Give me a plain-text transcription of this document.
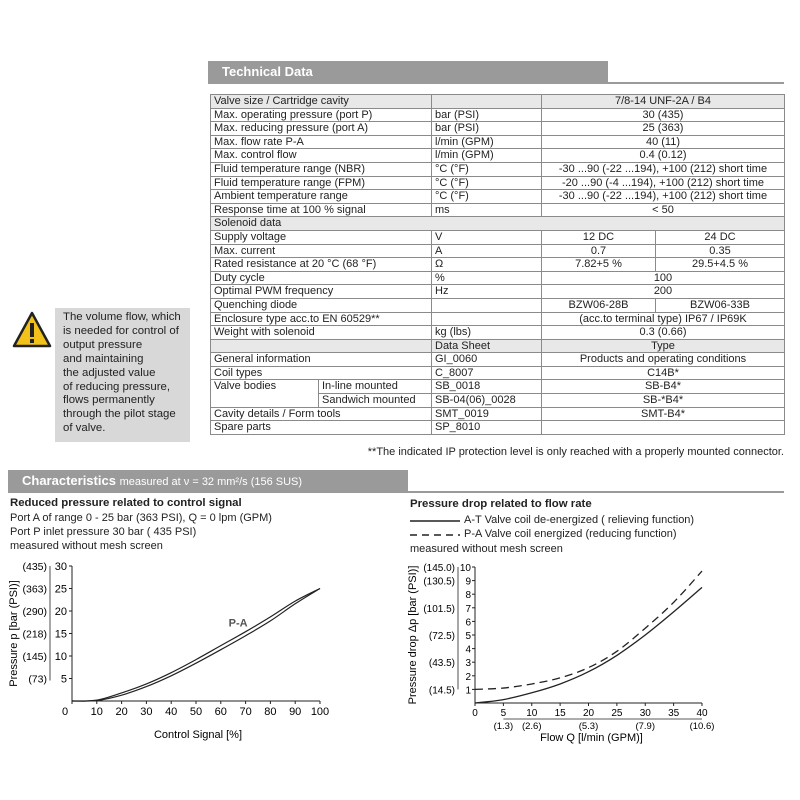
Technical Data
Valve size / Cartridge cavity			7/8-14 UNF-2A / B4	
Max. operating pressure (port P)		bar (PSI)	30 (435)	
Max. reducing pressure (port A)		bar (PSI)	25 (363)	
Max. flow rate P-A		l/min (GPM)	40 (11)	
Max. control flow		l/min (GPM)	0.4 (0.12)	
Fluid temperature range (NBR)		°C (°F)	-30 ...90 (-22 ...194), +100 (212) short time	
Fluid temperature range (FPM)		°C (°F)	-20 ...90 (-4 ...194), +100 (212) short time	
Ambient temperature range		°C (°F)	-30 ...90 (-22 ...194), +100 (212) short time	
Response time at 100 % signal		ms	< 50	
Solenoid data				
Supply voltage		V	12 DC	24 DC
Max. current		A	0.7	0.35
Rated resistance at 20 °C (68 °F)		Ω	7.82+5 %	29.5+4.5 %
Duty cycle		%	100	
Optimal PWM frequency		Hz	200	
Quenching diode			BZW06-28B	BZW06-33B
Enclosure type acc.to EN 60529**			(acc.to terminal type) IP67 / IP69K	
Weight with solenoid		kg (lbs)	0.3 (0.66)	
		Data Sheet	Type	
General information		GI_0060	Products and operating conditions	
Coil types		C_8007	C14B*	
Valve bodies	In-line mounted	SB_0018	SB-B4*	
	Sandwich mounted	SB-04(06)_0028	SB-*B4*	
Cavity details / Form tools		SMT_0019	SMT-B4*	
Spare parts		SP_8010		
**The indicated IP protection level is only reached with a properly mounted connector.
The volume flow, which
is needed for control of
output pressure
and maintaining
the adjusted value
of reducing pressure,
flows permanently
through the pilot stage
of valve.
Characteristics measured at ν = 32 mm²/s (156 SUS)
Reduced pressure related to control signal
Port A of range 0 - 25 bar (363 PSI), Q = 0 lpm (GPM)
Port P inlet pressure 30 bar ( 435 PSI)
measured without mesh screen
Pressure drop related to flow rate
A-T Valve coil de-energized ( relieving function)
P-A Valve coil energized (reducing function)
measured without mesh screen
0 10 20 30 40 50 60 70 80 90 100
5
10
15
20
25
30
(73)
(145)
(218)
(290)
(363)
(435)
Pressure p [bar (PSI)]
Control Signal [%]
P-A
1
2
3
4
5
6
7
8
9
10
(14.5)
(43.5)
(72.5)
(101.5)
(130.5)
(145.0)
0 5 10 15 20 25 30 35 40
(1.3) (2.6)	(5.3)	(7.9)	(10.6)
Pressure drop Δp [bar (PSI)]
Flow Q [l/min (GPM)]
